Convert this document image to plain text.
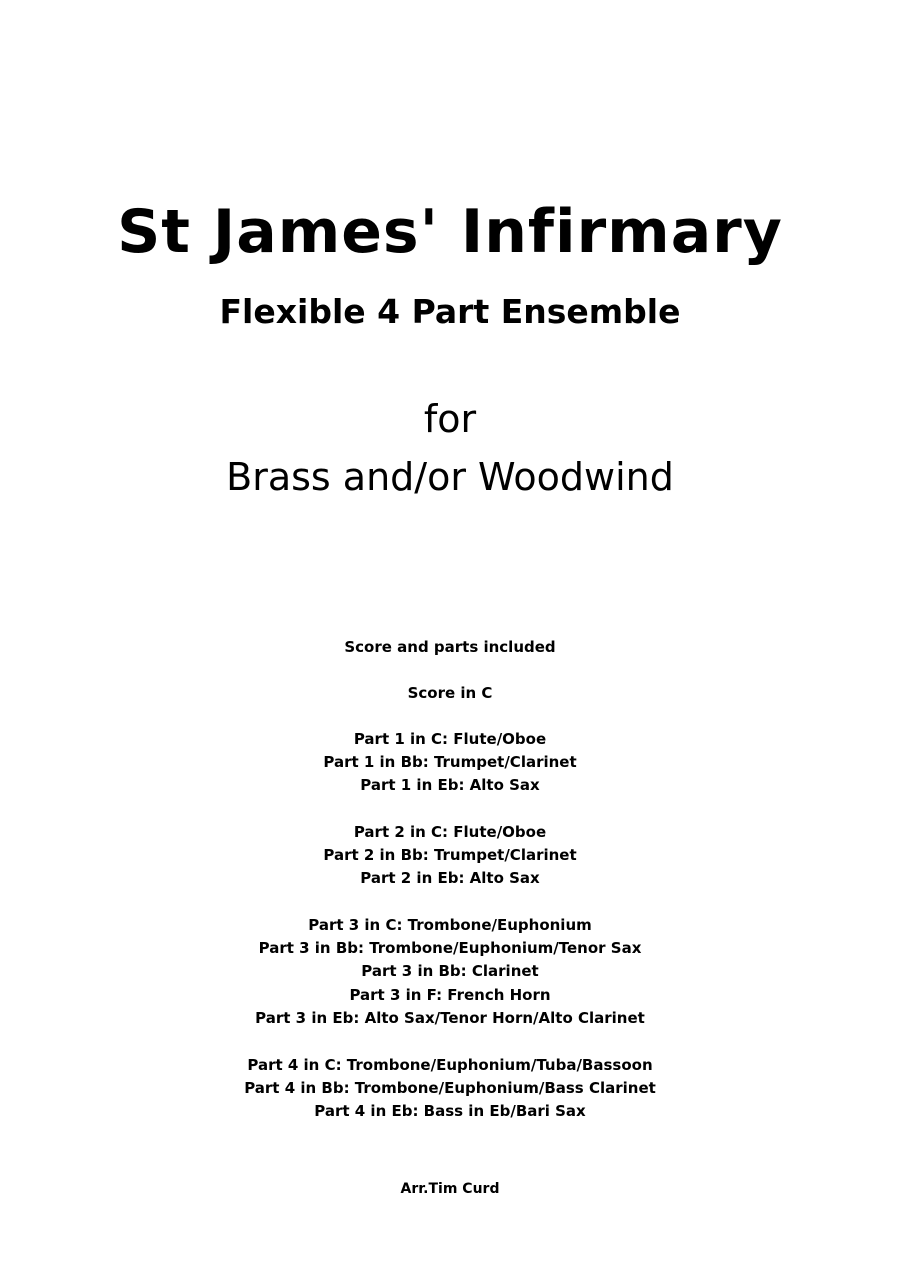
St James' Infirmary
Flexible 4 Part Ensemble
for
Brass and/or Woodwind
Score and parts included
Score in C
Part 1 in C: Flute/Oboe
Part 1 in Bb: Trumpet/Clarinet
Part 1 in Eb: Alto Sax
Part 2 in C: Flute/Oboe
Part 2 in Bb: Trumpet/Clarinet
Part 2 in Eb: Alto Sax
Part 3 in C: Trombone/Euphonium
Part 3 in Bb: Trombone/Euphonium/Tenor Sax
Part 3 in Bb: Clarinet
Part 3 in F: French Horn
Part 3 in Eb: Alto Sax/Tenor Horn/Alto Clarinet
Part 4 in C: Trombone/Euphonium/Tuba/Bassoon
Part 4 in Bb: Trombone/Euphonium/Bass Clarinet
Part 4 in Eb: Bass in Eb/Bari Sax
Arr.Tim Curd
